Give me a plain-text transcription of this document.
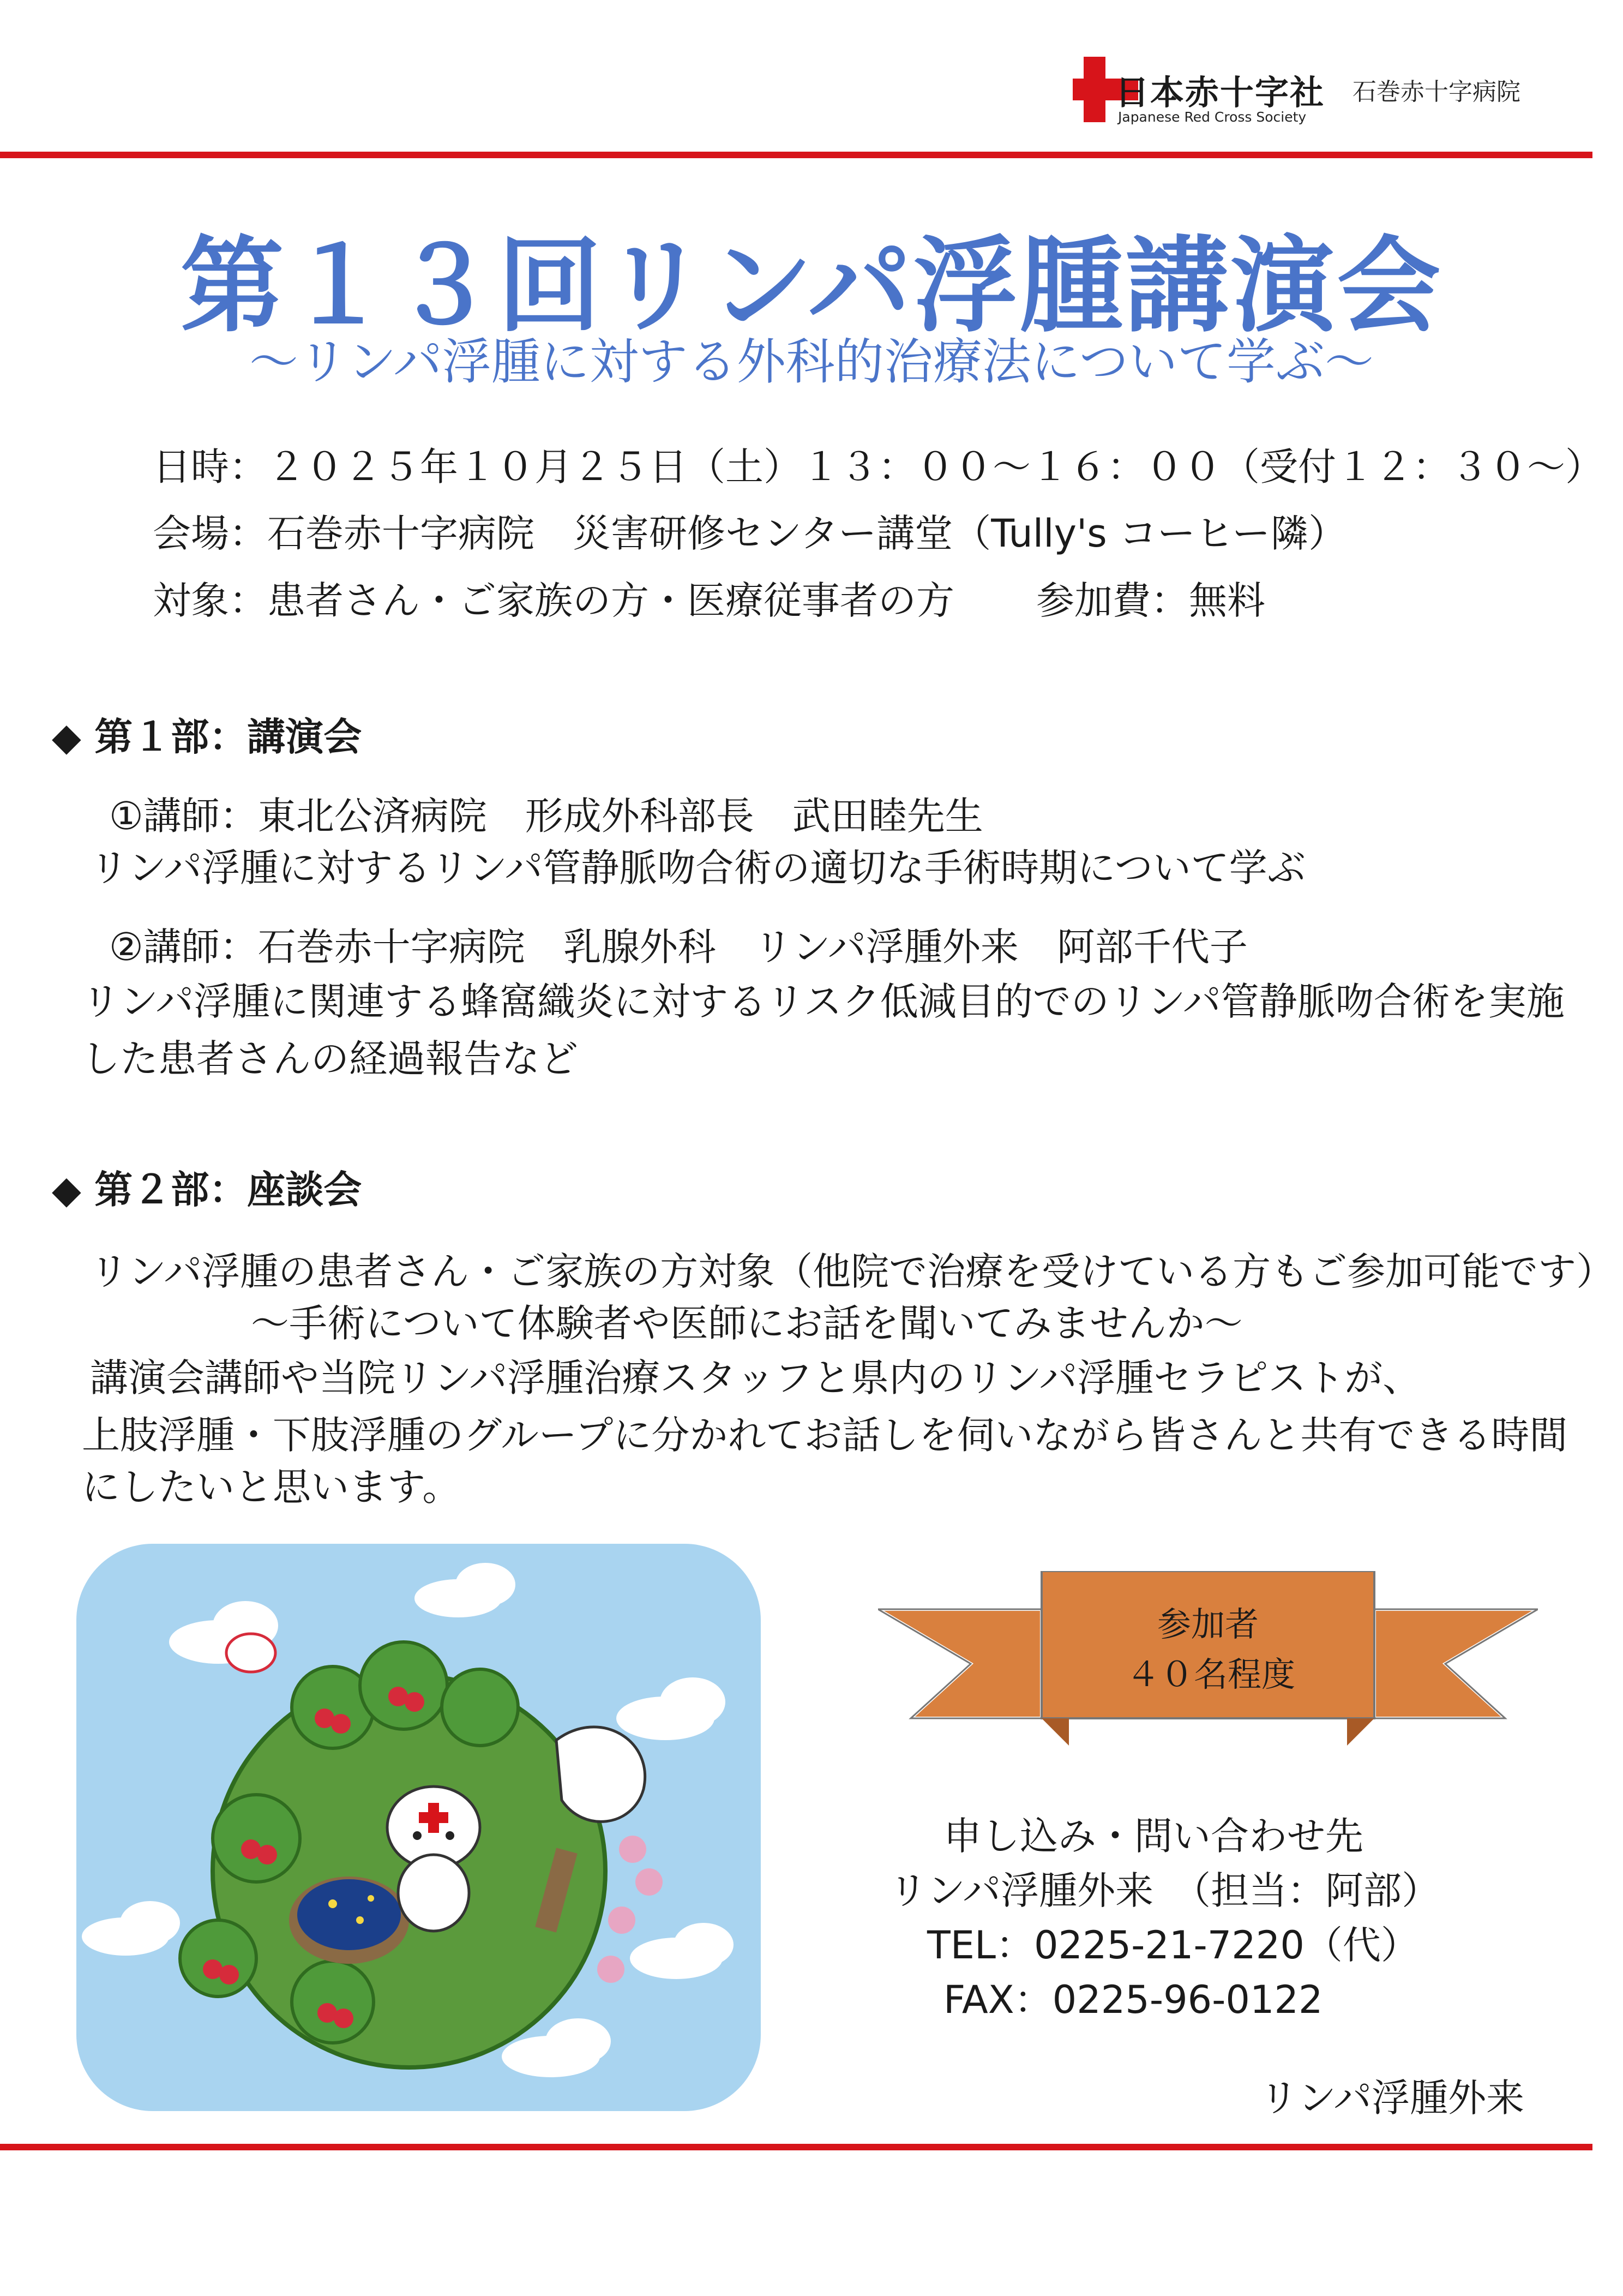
日本赤十字社
Japanese Red Cross Society
石巻赤十字病院
第１３回リンパ浮腫講演会
～リンパ浮腫に対する外科的治療法について学ぶ～
日時：２０２５年１０月２５日（土）１３：００～１６：００（受付１２：３０～）
会場：石巻赤十字病院　災害研修センター講堂（Tully's コーヒー隣）
対象：患者さん・ご家族の方・医療従事者の方 参加費：無料
◆ 第１部：講演会
①講師：東北公済病院　形成外科部長　武田睦先生
リンパ浮腫に対するリンパ管静脈吻合術の適切な手術時期について学ぶ
②講師：石巻赤十字病院　乳腺外科　リンパ浮腫外来　阿部千代子
リンパ浮腫に関連する蜂窩織炎に対するリスク低減目的でのリンパ管静脈吻合術を実施
した患者さんの経過報告など
◆ 第２部：座談会
リンパ浮腫の患者さん・ご家族の方対象（他院で治療を受けている方もご参加可能です）
～手術について体験者や医師にお話を聞いてみませんか～
講演会講師や当院リンパ浮腫治療スタッフと県内のリンパ浮腫セラピストが、
上肢浮腫・下肢浮腫のグループに分かれてお話しを伺いながら皆さんと共有できる時間
にしたいと思います。
参加者
４０名程度
申し込み・問い合わせ先
リンパ浮腫外来　（担当：阿部）
TEL：0225-21-7220（代）
FAX：0225-96-0122
リンパ浮腫外来
